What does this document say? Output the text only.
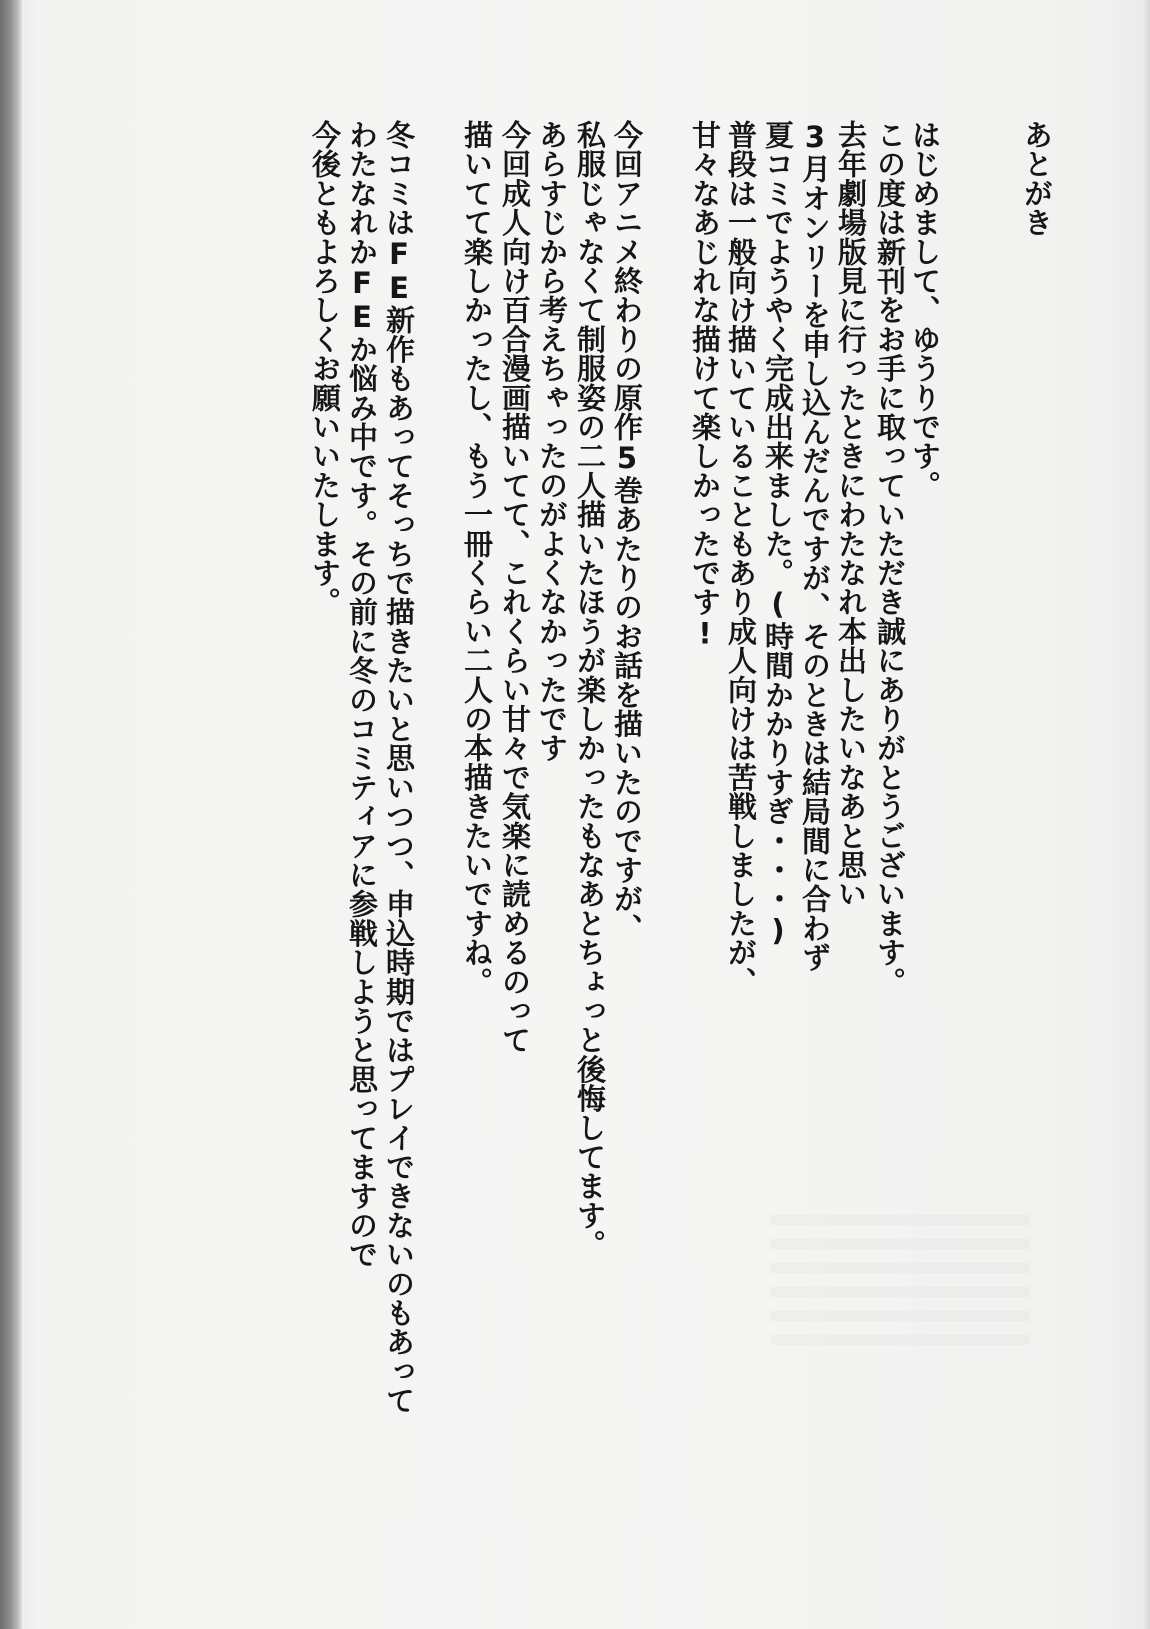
あとがき
はじめまして、ゆうりです。
この度は新刊をお手に取っていただき誠にありがとうございます。
去年劇場版見に行ったときにわたなれ本出したいなあと思い
3月オンリーを申し込んだんですが、そのときは結局間に合わず
夏コミでようやく完成出来ました。(時間かかりすぎ・・・)
普段は一般向け描いていることもあり成人向けは苦戦しましたが、
甘々なあじれな描けて楽しかったです!
今回アニメ終わりの原作5巻あたりのお話を描いたのですが、
私服じゃなくて制服姿の二人描いたほうが楽しかったもなあとちょっと後悔してます。
あらすじから考えちゃったのがよくなかったです
今回成人向け百合漫画描いてて、これくらい甘々で気楽に読めるのって
描いてて楽しかったし、もう一冊くらい二人の本描きたいですね。
冬コミはFE新作もあってそっちで描きたいと思いつつ、申込時期ではプレイできないのもあって
わたなれかFEか悩み中です。その前に冬のコミティアに参戦しようと思ってますので
今後ともよろしくお願いいたします。
